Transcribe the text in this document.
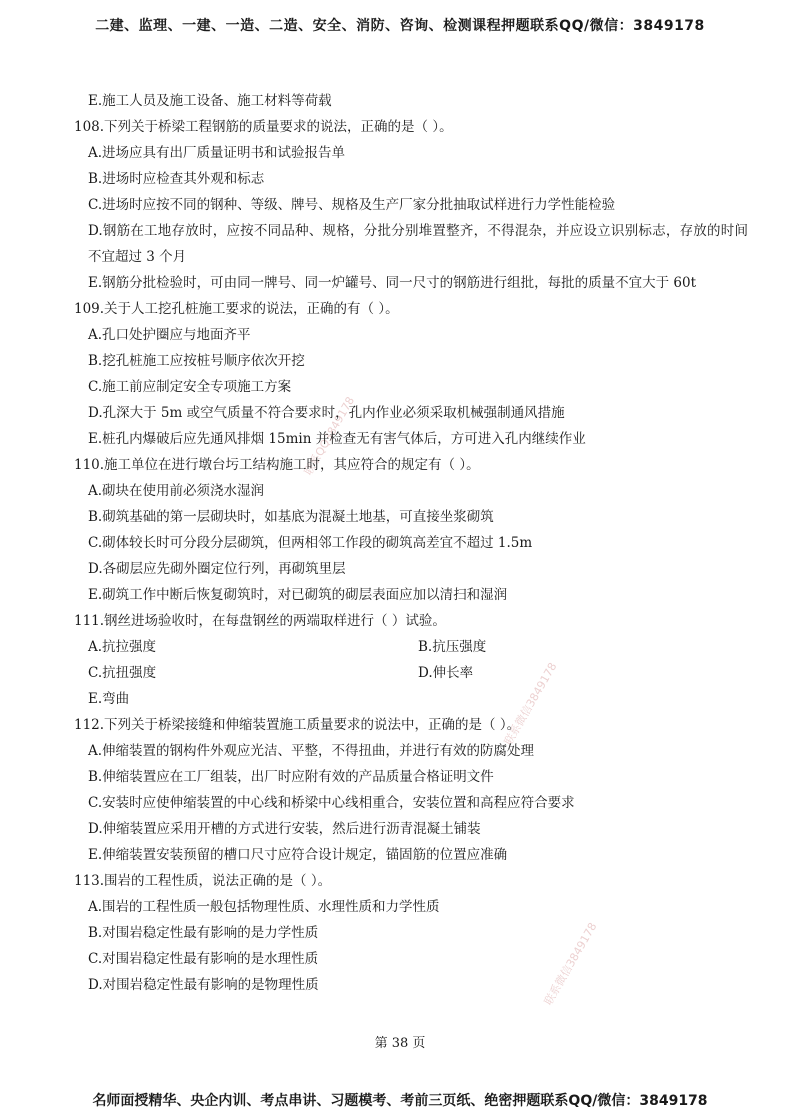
二建、监理、一建、一造、二造、安全、消防、咨询、检测课程押题联系QQ/微信：3849178
联系QQ3849178
联系微信3849178
联系微信3849178
E.施工人员及施工设备、施工材料等荷载
108.下列关于桥梁工程钢筋的质量要求的说法，正确的是（ ）。
A.进场应具有出厂质量证明书和试验报告单
B.进场时应检查其外观和标志
C.进场时应按不同的钢种、等级、牌号、规格及生产厂家分批抽取试样进行力学性能检验
D.钢筋在工地存放时，应按不同品种、规格，分批分别堆置整齐，不得混杂，并应设立识别标志，存放的时间不宜超过 3 个月
E.钢筋分批检验时，可由同一牌号、同一炉罐号、同一尺寸的钢筋进行组批，每批的质量不宜大于 60t
109.关于人工挖孔桩施工要求的说法，正确的有（ ）。
A.孔口处护圈应与地面齐平
B.挖孔桩施工应按桩号顺序依次开挖
C.施工前应制定安全专项施工方案
D.孔深大于 5m 或空气质量不符合要求时，孔内作业必须采取机械强制通风措施
E.桩孔内爆破后应先通风排烟 15min 并检查无有害气体后，方可进入孔内继续作业
110.施工单位在进行墩台圬工结构施工时，其应符合的规定有（ ）。
A.砌块在使用前必须浇水湿润
B.砌筑基础的第一层砌块时，如基底为混凝土地基，可直接坐浆砌筑
C.砌体较长时可分段分层砌筑，但两相邻工作段的砌筑高差宜不超过 1.5m
D.各砌层应先砌外圈定位行列，再砌筑里层
E.砌筑工作中断后恢复砌筑时，对已砌筑的砌层表面应加以清扫和湿润
111.钢丝进场验收时，在每盘钢丝的两端取样进行（ ）试验。
A.抗拉强度	B.抗压强度
C.抗扭强度	D.伸长率
E.弯曲
112.下列关于桥梁接缝和伸缩装置施工质量要求的说法中，正确的是（ ）。
A.伸缩装置的钢构件外观应光洁、平整，不得扭曲，并进行有效的防腐处理
B.伸缩装置应在工厂组装，出厂时应附有效的产品质量合格证明文件
C.安装时应使伸缩装置的中心线和桥梁中心线相重合，安装位置和高程应符合要求
D.伸缩装置应采用开槽的方式进行安装，然后进行沥青混凝土铺装
E.伸缩装置安装预留的槽口尺寸应符合设计规定，锚固筋的位置应准确
113.围岩的工程性质，说法正确的是（ ）。
A.围岩的工程性质一般包括物理性质、水理性质和力学性质
B.对围岩稳定性最有影响的是力学性质
C.对围岩稳定性最有影响的是水理性质
D.对围岩稳定性最有影响的是物理性质
第 38 页
名师面授精华、央企内训、考点串讲、习题模考、考前三页纸、绝密押题联系QQ/微信：3849178
